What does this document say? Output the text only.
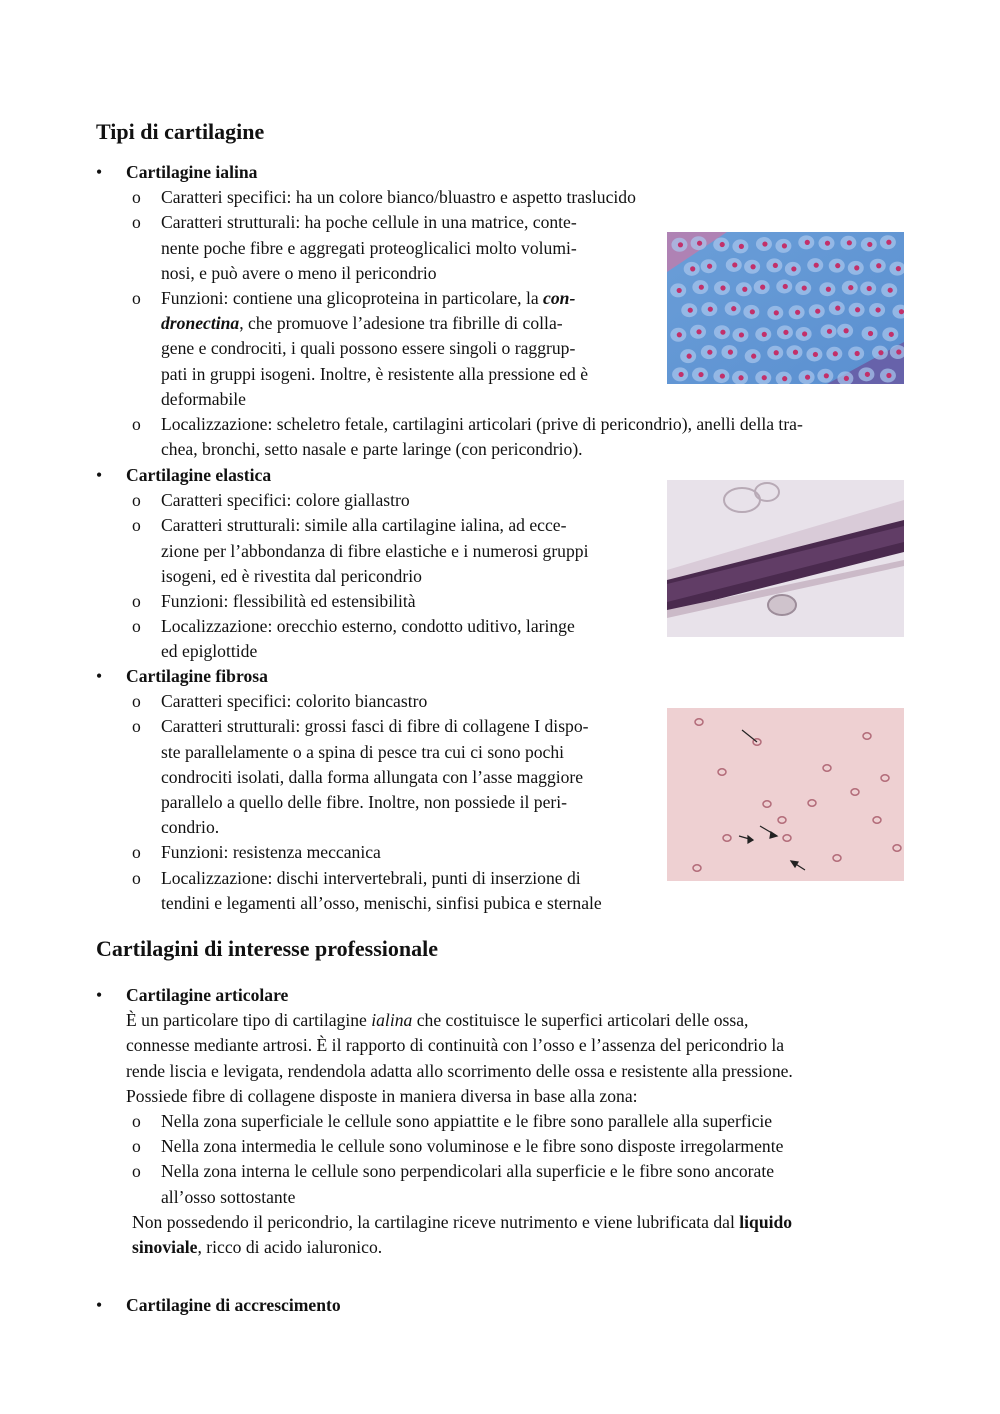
Tipi di cartilagine
• Cartilagine ialina
o Caratteri specifici: ha un colore bianco/bluastro e aspetto traslucido
o Caratteri strutturali: ha poche cellule in una matrice, conte-
nente poche fibre e aggregati proteoglicalici molto volumi-
nosi, e può avere o meno il pericondrio
o Funzioni: contiene una glicoproteina in particolare, la con-
dronectina, che promuove l’adesione tra fibrille di colla-
gene e condrociti, i quali possono essere singoli o raggrup-
pati in gruppi isogeni. Inoltre, è resistente alla pressione ed è
deformabile
o Localizzazione: scheletro fetale, cartilagini articolari (prive di pericondrio), anelli della tra-
chea, bronchi, setto nasale e parte laringe (con pericondrio).
• Cartilagine elastica
o Caratteri specifici: colore giallastro
o Caratteri strutturali: simile alla cartilagine ialina, ad ecce-
zione per l’abbondanza di fibre elastiche e i numerosi gruppi
isogeni, ed è rivestita dal pericondrio
o Funzioni: flessibilità ed estensibilità
o Localizzazione: orecchio esterno, condotto uditivo, laringe
ed epiglottide
• Cartilagine fibrosa
o Caratteri specifici: colorito biancastro
o Caratteri strutturali: grossi fasci di fibre di collagene I dispo-
ste parallelamente o a spina di pesce tra cui ci sono pochi
condrociti isolati, dalla forma allungata con l’asse maggiore
parallelo a quello delle fibre. Inoltre, non possiede il peri-
condrio.
o Funzioni: resistenza meccanica
o Localizzazione: dischi intervertebrali, punti di inserzione di
tendini e legamenti all’osso, menischi, sinfisi pubica e sternale
Cartilagini di interesse professionale
• Cartilagine articolare
È un particolare tipo di cartilagine ialina che costituisce le superfici articolari delle ossa,
connesse mediante artrosi. È il rapporto di continuità con l’osso e l’assenza del pericondrio la
rende liscia e levigata, rendendola adatta allo scorrimento delle ossa e resistente alla pressione.
Possiede fibre di collagene disposte in maniera diversa in base alla zona:
o Nella zona superficiale le cellule sono appiattite e le fibre sono parallele alla superficie
o Nella zona intermedia le cellule sono voluminose e le fibre sono disposte irregolarmente
o Nella zona interna le cellule sono perpendicolari alla superficie e le fibre sono ancorate
all’osso sottostante
Non possedendo il pericondrio, la cartilagine riceve nutrimento e viene lubrificata dal liquido
sinoviale, ricco di acido ialuronico.
• Cartilagine di accrescimento
